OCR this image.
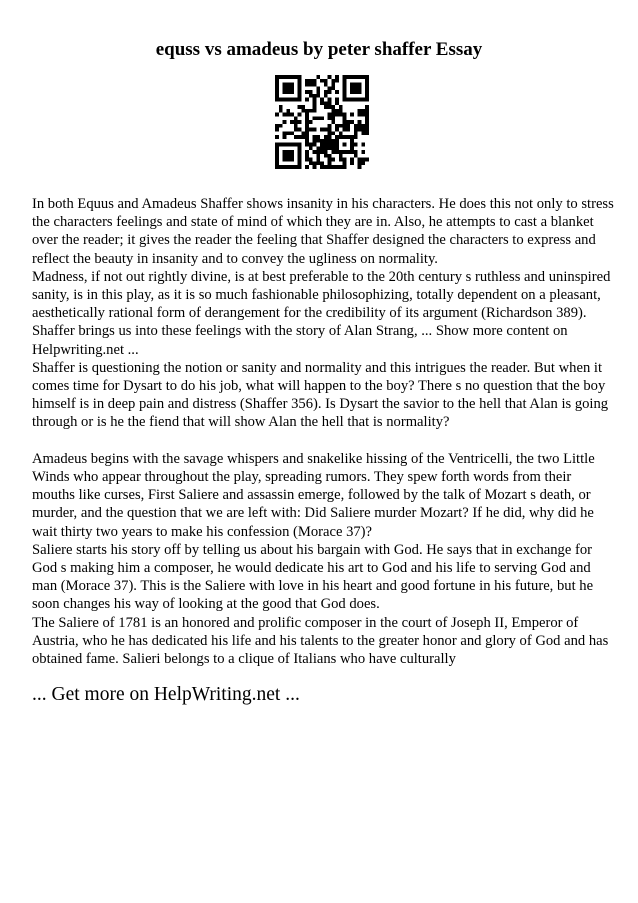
equss vs amadeus by peter shaffer Essay

In both Equus and Amadeus Shaffer shows insanity in his characters. He does this not only to stress the characters feelings and state of mind of which they are in. Also, he attempts to cast a blanket over the reader; it gives the reader the feeling that Shaffer designed the characters to express and reflect the beauty in insanity and to convey the ugliness on normality.

Madness, if not out rightly divine, is at best preferable to the 20th century s ruthless and uninspired sanity, is in this play, as it is so much fashionable philosophizing, totally dependent on a pleasant, aesthetically rational form of derangement for the credibility of its argument (Richardson 389).

Shaffer brings us into these feelings with the story of Alan Strang, ... Show more content on Helpwriting.net ...

Shaffer is questioning the notion or sanity and normality and this intrigues the reader. But when it comes time for Dysart to do his job, what will happen to the boy? There s no question that the boy himself is in deep pain and distress (Shaffer 356). Is Dysart the savior to the hell that Alan is going through or is he the fiend that will show Alan the hell that is normality?

Amadeus begins with the savage whispers and snakelike hissing of the Ventricelli, the two Little Winds who appear throughout the play, spreading rumors. They spew forth words from their mouths like curses, First Saliere and assassin emerge, followed by the talk of Mozart s death, or murder, and the question that we are left with: Did Saliere murder Mozart? If he did, why did he wait thirty two years to make his confession (Morace 37)?

Saliere starts his story off by telling us about his bargain with God. He says that in exchange for God s making him a composer, he would dedicate his art to God and his life to serving God and man (Morace 37). This is the Saliere with love in his heart and good fortune in his future, but he soon changes his way of looking at the good that God does.

The Saliere of 1781 is an honored and prolific composer in the court of Joseph II, Emperor of Austria, who he has dedicated his life and his talents to the greater honor and glory of God and has obtained fame. Salieri belongs to a clique of Italians who have culturally

... Get more on HelpWriting.net ...
